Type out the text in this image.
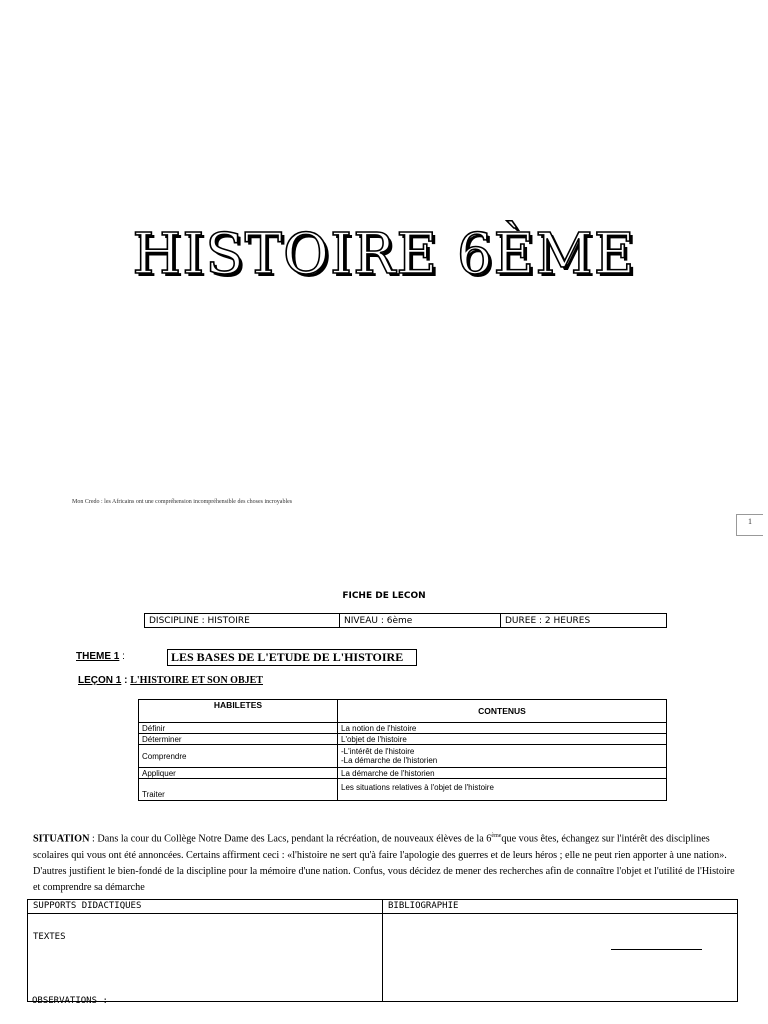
HISTOIRE 6ÈME
Mon Credo : les Africains ont une compréhension incompréhensible des choses incroyables
1
FICHE DE LECON
DISCIPLINE : HISTOIRE	NIVEAU : 6ème	DUREE : 2 HEURES
THEME 1 :	LES BASES DE L'ETUDE DE L'HISTOIRE
LEÇON 1 : L'HISTOIRE ET SON OBJET
HABILETES	CONTENUS
Définir	La notion de l'histoire
Déterminer	L'objet de l'histoire
Comprendre	-L'intérêt de l'histoire
-La démarche de l'historien

Appliquer	La démarche de l'historien
Traiter	Les situations relatives à l'objet de l'histoire
SITUATION : Dans la cour du Collège Notre Dame des Lacs, pendant la récréation, de nouveaux élèves de la 6èmeque vous êtes, échangez sur l'intérêt des disciplines scolaires qui vous ont été annoncées. Certains affirment ceci : «l'histoire ne sert qu'à faire l'apologie des guerres et de leurs héros ; elle ne peut rien apporter à une nation». D'autres justifient le bien-fondé de la discipline pour la mémoire d'une nation. Confus, vous décidez de mener des recherches afin de connaître l'objet et l'utilité de l'Histoire et comprendre sa démarche
SUPPORTS DIDACTIQUES	BIBLIOGRAPHIE
TEXTES	
OBSERVATIONS :
